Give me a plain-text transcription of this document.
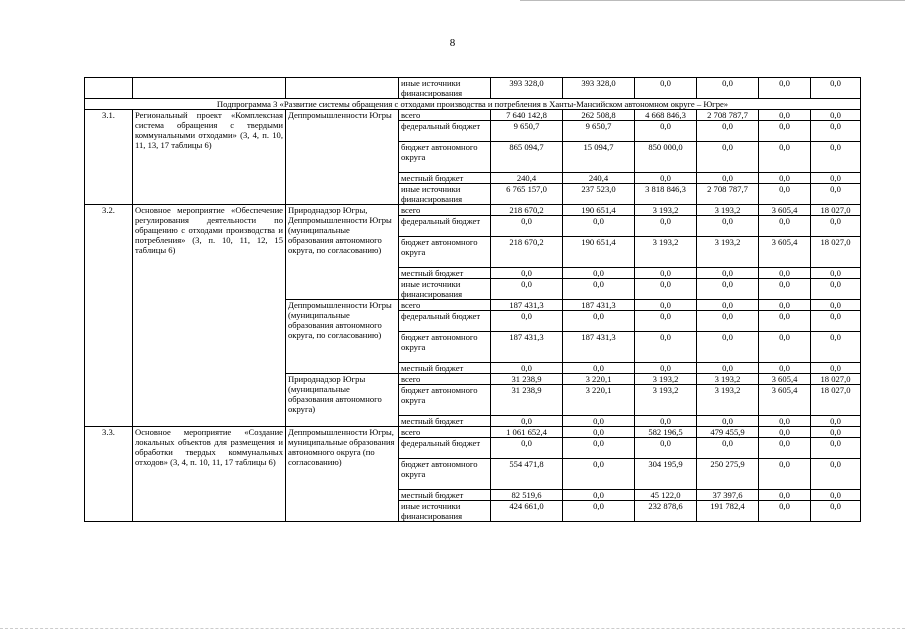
8
			иные источники финансирования	393 328,0	393 328,0	0,0	0,0	0,0	0,0
Подпрограмма 3 «Развитие системы обращения с отходами производства и потребления в Ханты-Мансийском автономном округе – Югре»									
3.1.	Региональный проект «Комплексная система обращения с твердыми коммунальными отходами» (3, 4, п. 10, 11, 13, 17 таблицы 6)	Деппромышленности Югры	всего	7 640 142,8	262 508,8	4 668 846,3	2 708 787,7	0,0	0,0
			федеральный бюджет	9 650,7	9 650,7	0,0	0,0	0,0	0,0
			бюджет автономного округа	865 094,7	15 094,7	850 000,0	0,0	0,0	0,0
			местный бюджет	240,4	240,4	0,0	0,0	0,0	0,0
			иные источники финансирования	6 765 157,0	237 523,0	3 818 846,3	2 708 787,7	0,0	0,0
3.2.	Основное мероприятие «Обеспечение регулирования деятельности по обращению с отходами производства и потребления» (3, п. 10, 11, 12, 15 таблицы 6)	Природнадзор Югры, Деппромышленности Югры (муниципальные образования автономного округа, по согласованию)	всего	218 670,2	190 651,4	3 193,2	3 193,2	3 605,4	18 027,0
			федеральный бюджет	0,0	0,0	0,0	0,0	0,0	0,0
			бюджет автономного округа	218 670,2	190 651,4	3 193,2	3 193,2	3 605,4	18 027,0
			местный бюджет	0,0	0,0	0,0	0,0	0,0	0,0
			иные источники финансирования	0,0	0,0	0,0	0,0	0,0	0,0
		Деппромышленности Югры (муниципальные образования автономного округа, по согласованию)	всего	187 431,3	187 431,3	0,0	0,0	0,0	0,0
			федеральный бюджет	0,0	0,0	0,0	0,0	0,0	0,0
			бюджет автономного округа	187 431,3	187 431,3	0,0	0,0	0,0	0,0
			местный бюджет	0,0	0,0	0,0	0,0	0,0	0,0
		Природнадзор Югры (муниципальные образования автономного округа)	всего	31 238,9	3 220,1	3 193,2	3 193,2	3 605,4	18 027,0
			бюджет автономного округа	31 238,9	3 220,1	3 193,2	3 193,2	3 605,4	18 027,0
			местный бюджет	0,0	0,0	0,0	0,0	0,0	0,0
3.3.	Основное мероприятие «Создание локальных объектов для размещения и обработки твердых коммунальных отходов» (3, 4, п. 10, 11, 17 таблицы 6)	Деппромышленности Югры, муниципальные образования автономного округа (по согласованию)	всего	1 061 652,4	0,0	582 196,5	479 455,9	0,0	0,0
			федеральный бюджет	0,0	0,0	0,0	0,0	0,0	0,0
			бюджет автономного округа	554 471,8	0,0	304 195,9	250 275,9	0,0	0,0
			местный бюджет	82 519,6	0,0	45 122,0	37 397,6	0,0	0,0
			иные источники финансирования	424 661,0	0,0	232 878,6	191 782,4	0,0	0,0
